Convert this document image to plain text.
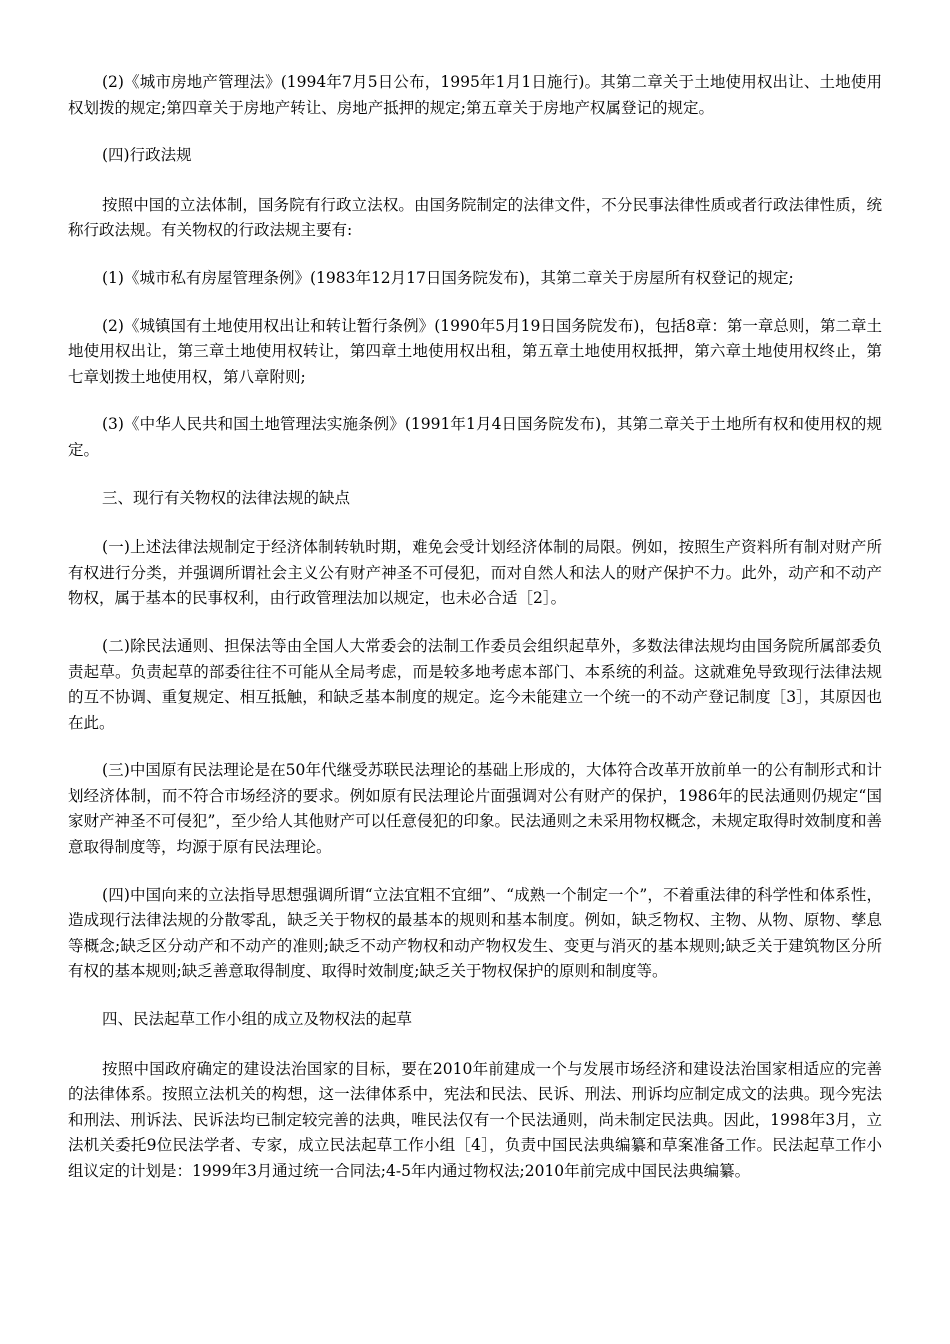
(2)《城市房地产管理法》(1994年7月5日公布，1995年1月1日施行)。其第二章关于土地使用权出让、土地使用权划拨的规定;第四章关于房地产转让、房地产抵押的规定;第五章关于房地产权属登记的规定。

(四)行政法规

按照中国的立法体制，国务院有行政立法权。由国务院制定的法律文件，不分民事法律性质或者行政法律性质，统称行政法规。有关物权的行政法规主要有:

(1)《城市私有房屋管理条例》(1983年12月17日国务院发布)，其第二章关于房屋所有权登记的规定;

(2)《城镇国有土地使用权出让和转让暂行条例》(1990年5月19日国务院发布)，包括8章：第一章总则，第二章土地使用权出让，第三章土地使用权转让，第四章土地使用权出租，第五章土地使用权抵押，第六章土地使用权终止，第七章划拨土地使用权，第八章附则;

(3)《中华人民共和国土地管理法实施条例》(1991年1月4日国务院发布)，其第二章关于土地所有权和使用权的规定。

三、现行有关物权的法律法规的缺点

(一)上述法律法规制定于经济体制转轨时期，难免会受计划经济体制的局限。例如，按照生产资料所有制对财产所有权进行分类，并强调所谓社会主义公有财产神圣不可侵犯，而对自然人和法人的财产保护不力。此外，动产和不动产物权，属于基本的民事权利，由行政管理法加以规定，也未必合适［2］。

(二)除民法通则、担保法等由全国人大常委会的法制工作委员会组织起草外，多数法律法规均由国务院所属部委负责起草。负责起草的部委往往不可能从全局考虑，而是较多地考虑本部门、本系统的利益。这就难免导致现行法律法规的互不协调、重复规定、相互抵触，和缺乏基本制度的规定。迄今未能建立一个统一的不动产登记制度［3］，其原因也在此。

(三)中国原有民法理论是在50年代继受苏联民法理论的基础上形成的，大体符合改革开放前单一的公有制形式和计划经济体制，而不符合市场经济的要求。例如原有民法理论片面强调对公有财产的保护，1986年的民法通则仍规定“国家财产神圣不可侵犯”，至少给人其他财产可以任意侵犯的印象。民法通则之未采用物权概念，未规定取得时效制度和善意取得制度等，均源于原有民法理论。

(四)中国向来的立法指导思想强调所谓“立法宜粗不宜细”、“成熟一个制定一个”，不着重法律的科学性和体系性，造成现行法律法规的分散零乱，缺乏关于物权的最基本的规则和基本制度。例如，缺乏物权、主物、从物、原物、孳息等概念;缺乏区分动产和不动产的准则;缺乏不动产物权和动产物权发生、变更与消灭的基本规则;缺乏关于建筑物区分所有权的基本规则;缺乏善意取得制度、取得时效制度;缺乏关于物权保护的原则和制度等。

四、民法起草工作小组的成立及物权法的起草

按照中国政府确定的建设法治国家的目标，要在2010年前建成一个与发展市场经济和建设法治国家相适应的完善的法律体系。按照立法机关的构想，这一法律体系中，宪法和民法、民诉、刑法、刑诉均应制定成文的法典。现今宪法和刑法、刑诉法、民诉法均已制定较完善的法典，唯民法仅有一个民法通则，尚未制定民法典。因此，1998年3月，立法机关委托9位民法学者、专家，成立民法起草工作小组［4］，负责中国民法典编纂和草案准备工作。民法起草工作小组议定的计划是：1999年3月通过统一合同法;4-5年内通过物权法;2010年前完成中国民法典编纂。
